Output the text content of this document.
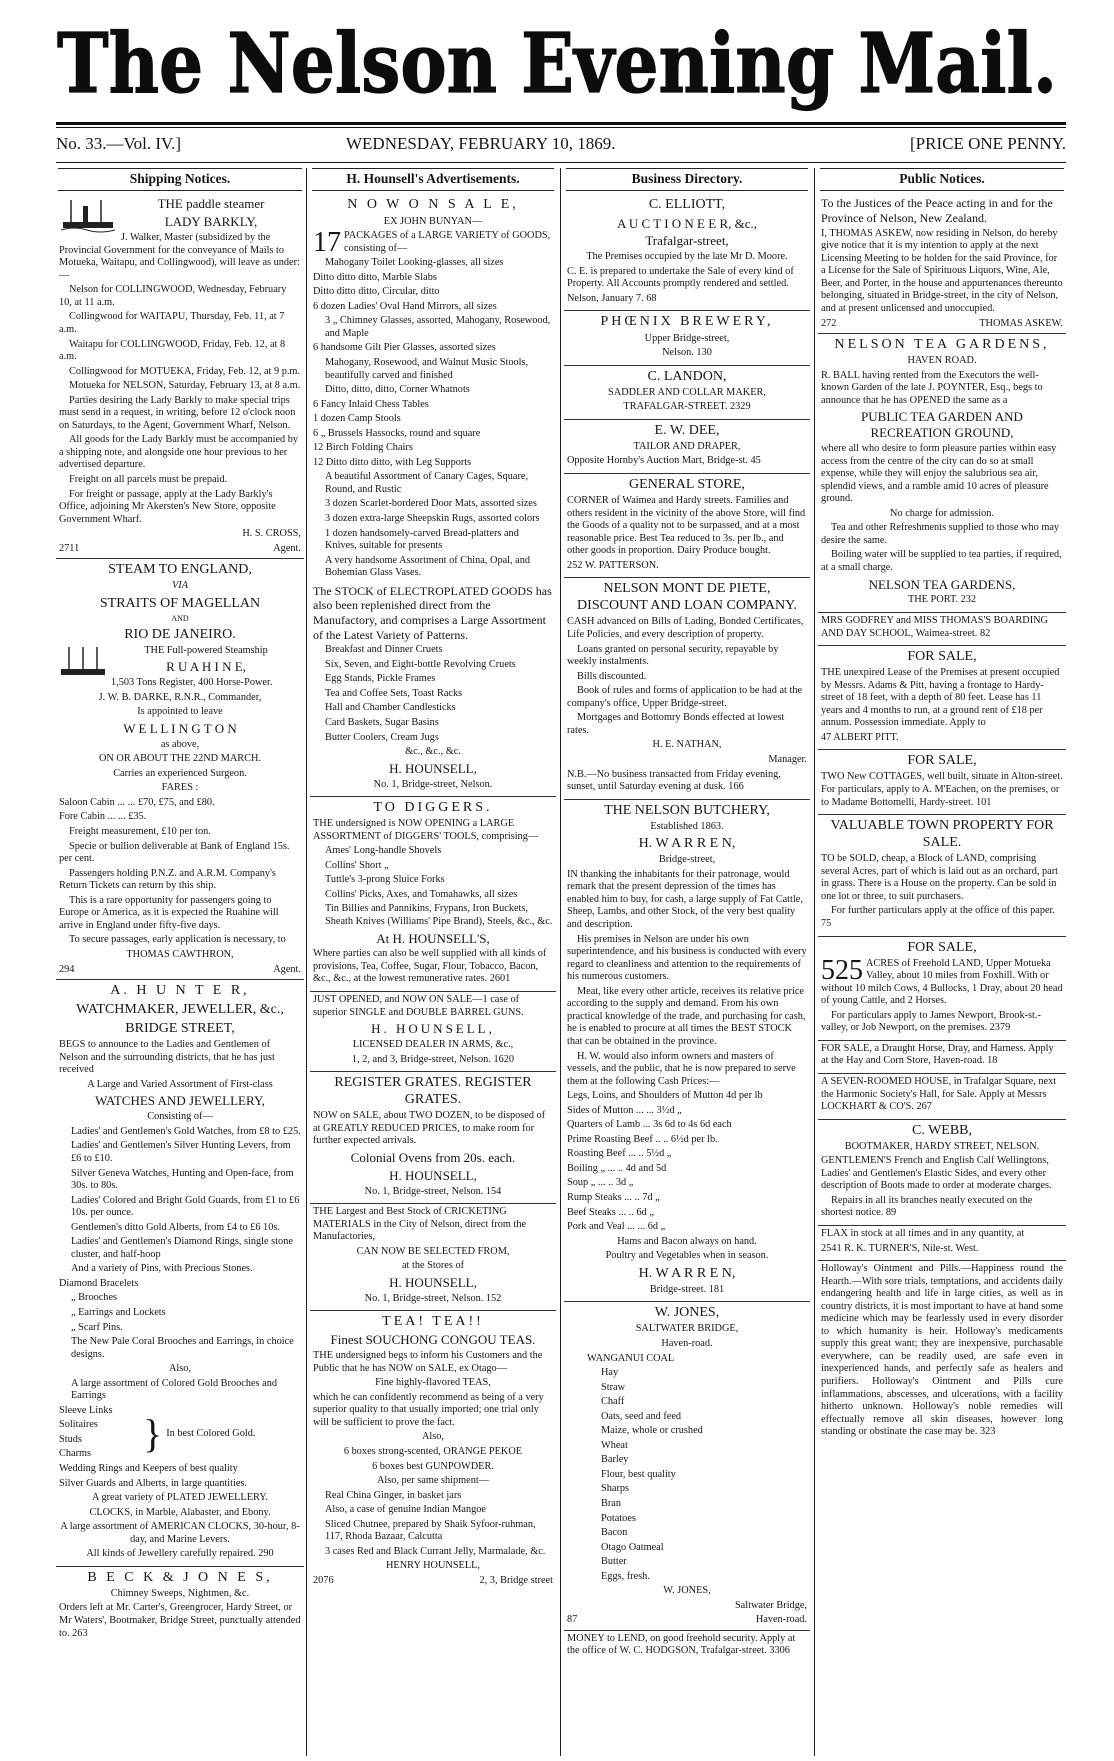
The Nelson Evening Mail.
No. 33.—Vol. IV.]	WEDNESDAY, FEBRUARY 10, 1869.	[PRICE ONE PENNY.
Shipping Notices.

THE paddle steamer

LADY BARKLY,

J. Walker, Master (subsidized by the Provincial Government for the conveyance of Mails to Motueka, Waitapu, and Collingwood), will leave as under:—

Nelson for COLLINGWOOD, Wednesday, February 10, at 11 a.m.

Collingwood for WAITAPU, Thursday, Feb. 11, at 7 a.m.

Waitapu for COLLINGWOOD, Friday, Feb. 12, at 8 a.m.

Collingwood for MOTUEKA, Friday, Feb. 12, at 9 p.m.

Motueka for NELSON, Saturday, February 13, at 8 a.m.

Parties desiring the Lady Barkly to make special trips must send in a request, in writing, before 12 o'clock noon on Saturdays, to the Agent, Government Wharf, Nelson.

All goods for the Lady Barkly must be accompanied by a shipping note, and alongside one hour previous to her advertised departure.

Freight on all parcels must be prepaid.

For freight or passage, apply at the Lady Barkly's Office, adjoining Mr Akersten's New Store, opposite Government Wharf.

H. S. CROSS,

2711	Agent.

STEAM TO ENGLAND,

VIA

STRAITS OF MAGELLAN

AND

RIO DE JANEIRO.

THE Full-powered Steamship

R U A H I N E,

1,503 Tons Register, 400 Horse-Power.

J. W. B. DARKE, R.N.R., Commander,

Is appointed to leave

W E L L I N G T O N

as above,

ON OR ABOUT THE 22ND MARCH.

Carries an experienced Surgeon.

FARES :

Saloon Cabin ... ... £70, £75, and £80.

Fore Cabin ... ... £35.

Freight measurement, £10 per ton.

Specie or bullion deliverable at Bank of England 15s. per cent.

Passengers holding P.N.Z. and A.R.M. Company's Return Tickets can return by this ship.

This is a rare opportunity for passengers going to Europe or America, as it is expected the Ruahine will arrive in England under fifty-five days.

To secure passages, early application is necessary, to

THOMAS CAWTHRON,

294	Agent.

A. H U N T E R,

WATCHMAKER, JEWELLER, &c.,

BRIDGE STREET,

BEGS to announce to the Ladies and Gentlemen of Nelson and the surrounding districts, that he has just received

A Large and Varied Assortment of First-class

WATCHES AND JEWELLERY,

Consisting of—

Ladies' and Gentlemen's Gold Watches, from £8 to £25.

Ladies' and Gentlemen's Silver Hunting Levers, from £6 to £10.

Silver Geneva Watches, Hunting and Open-face, from 30s. to 80s.

Ladies' Colored and Bright Gold Guards, from £1 to £6 10s. per ounce.

Gentlemen's ditto Gold Alberts, from £4 to £6 10s.

Ladies' and Gentlemen's Diamond Rings, single stone cluster, and half-hoop

And a variety of Pins, with Precious Stones.

Diamond Bracelets

„ Brooches

„ Earrings and Lockets

„ Scarf Pins.

The New Pale Coral Brooches and Earrings, in choice designs.

Also,

A large assortment of Colored Gold Brooches and Earrings

Sleeve Links

Solitaires

Studs

Charms	} In best Colored Gold.

Wedding Rings and Keepers of best quality

Silver Guards and Alberts, in large quantities.

A great variety of PLATED JEWELLERY.

CLOCKS, in Marble, Alabaster, and Ebony.

A large assortment of AMERICAN CLOCKS, 30-hour, 8-day, and Marine Levers.

All kinds of Jewellery carefully repaired. 290

B E C K & J O N E S,

Chimney Sweeps, Nightmen, &c.

Orders left at Mr. Carter's, Greengrocer, Hardy Street, or Mr Waters', Bootmaker, Bridge Street, punctually attended to. 263

H. Hounsell's Advertisements.

N O W O N S A L E,

EX JOHN BUNYAN—

17 PACKAGES of a LARGE VARIETY of GOODS, consisting of—

Mahogany Toilet Looking-glasses, all sizes

Ditto ditto ditto, Marble Slabs

Ditto ditto ditto, Circular, ditto

6 dozen Ladies' Oval Hand Mirrors, all sizes

3 „ Chimney Glasses, assorted, Mahogany, Rosewood, and Maple

6 handsome Gilt Pier Glasses, assorted sizes

Mahogany, Rosewood, and Walnut Music Stools, beautifully carved and finished

Ditto, ditto, ditto, Corner Whatnots

6 Fancy Inlaid Chess Tables

1 dozen Camp Stools

6 „ Brussels Hassocks, round and square

12 Birch Folding Chairs

12 Ditto ditto ditto, with Leg Supports

A beautiful Assortment of Canary Cages, Square, Round, and Rustic

3 dozen Scarlet-bordered Door Mats, assorted sizes

3 dozen extra-large Sheepskin Rugs, assorted colors

1 dozen handsomely-carved Bread-platters and Knives, suitable for presents

A very handsome Assortment of China, Opal, and Bohemian Glass Vases.

The STOCK of ELECTROPLATED GOODS has also been replenished direct from the Manufactory, and comprises a Large Assortment of the Latest Variety of Patterns.

Breakfast and Dinner Cruets

Six, Seven, and Eight-bottle Revolving Cruets

Egg Stands, Pickle Frames

Tea and Coffee Sets, Toast Racks

Hall and Chamber Candlesticks

Card Baskets, Sugar Basins

Butter Coolers, Cream Jugs

&c., &c., &c.

H. HOUNSELL,

No. 1, Bridge-street, Nelson.

TO DIGGERS.

THE undersigned is NOW OPENING a LARGE ASSORTMENT of DIGGERS' TOOLS, comprising—

Ames' Long-handle Shovels

Collins' Short „

Tuttle's 3-prong Sluice Forks

Collins' Picks, Axes, and Tomahawks, all sizes

Tin Billies and Pannikins, Frypans, Iron Buckets, Sheath Knives (Williams' Pipe Brand), Steels, &c., &c.

At H. HOUNSELL'S,

Where parties can also be well supplied with all kinds of provisions, Tea, Coffee, Sugar, Flour, Tobacco, Bacon, &c., &c., at the lowest remunerative rates. 2601

JUST OPENED, and NOW ON SALE—1 case of superior SINGLE and DOUBLE BARREL GUNS.

H. HOUNSELL,

LICENSED DEALER IN ARMS, &c.,

1, 2, and 3, Bridge-street, Nelson. 1620

REGISTER GRATES. REGISTER GRATES.

NOW on SALE, about TWO DOZEN, to be disposed of at GREATLY REDUCED PRICES, to make room for further expected arrivals.

Colonial Ovens from 20s. each.

H. HOUNSELL,

No. 1, Bridge-street, Nelson. 154

THE Largest and Best Stock of CRICKETING MATERIALS in the City of Nelson, direct from the Manufactories,

CAN NOW BE SELECTED FROM,

at the Stores of

H. HOUNSELL,

No. 1, Bridge-street, Nelson. 152

TEA! TEA!!

Finest SOUCHONG CONGOU TEAS.

THE undersigned begs to inform his Customers and the Public that he has NOW on SALE, ex Otago—

Fine highly-flavored TEAS,

which he can confidently recommend as being of a very superior quality to that usually imported; one trial only will be sufficient to prove the fact.

Also,

6 boxes strong-scented, ORANGE PEKOE

6 boxes best GUNPOWDER.

Also, per same shipment—

Real China Ginger, in basket jars

Also, a case of genuine Indian Mangoe

Sliced Chutnee, prepared by Shaik Syfoor-ruhman, 117, Rhoda Bazaar, Calcutta

3 cases Red and Black Currant Jelly, Marmalade, &c.

HENRY HOUNSELL,

2076	2, 3, Bridge street
Business Directory.

C. ELLIOTT,

A U C T I O N E E R, &c.,

Trafalgar-street,

The Premises occupied by the late Mr D. Moore.

C. E. is prepared to undertake the Sale of every kind of Property. All Accounts promptly rendered and settled.

Nelson, January 7. 68

PHŒNIX BREWERY,

Upper Bridge-street,

Nelson. 130

C. LANDON,

SADDLER AND COLLAR MAKER,

TRAFALGAR-STREET. 2329

E. W. DEE,

TAILOR AND DRAPER,

Opposite Hornby's Auction Mart, Bridge-st. 45

GENERAL STORE,

CORNER of Waimea and Hardy streets. Families and others resident in the vicinity of the above Store, will find the Goods of a quality not to be surpassed, and at a most reasonable price. Best Tea reduced to 3s. per lb., and other goods in proportion. Dairy Produce bought.

252 W. PATTERSON.

NELSON MONT DE PIETE, DISCOUNT AND LOAN COMPANY.

CASH advanced on Bills of Lading, Bonded Certificates, Life Policies, and every description of property.

Loans granted on personal security, repayable by weekly instalments.

Bills discounted.

Book of rules and forms of application to be had at the company's office, Upper Bridge-street.

Mortgages and Bottomry Bonds effected at lowest rates.

H. E. NATHAN,

Manager.

N.B.—No business transacted from Friday evening, sunset, until Saturday evening at dusk. 166

THE NELSON BUTCHERY,

Established 1863.

H. W A R R E N,

Bridge-street,

IN thanking the inhabitants for their patronage, would remark that the present depression of the times has enabled him to buy, for cash, a large supply of Fat Cattle, Sheep, Lambs, and other Stock, of the very best quality and description.

His premises in Nelson are under his own superintendence, and his business is conducted with every regard to cleanliness and attention to the requirements of his numerous customers.

Meat, like every other article, receives its relative price according to the supply and demand. From his own practical knowledge of the trade, and purchasing for cash, he is enabled to procure at all times the BEST STOCK that can be obtained in the province.

H. W. would also inform owners and masters of vessels, and the public, that he is now prepared to serve them at the following Cash Prices:—

Legs, Loins, and Shoulders of Mutton 4d per lb

Sides of Mutton ... ... 3½d „

Quarters of Lamb ... 3s 6d to 4s 6d each

Prime Roasting Beef .. .. 6½d per lb.

Roasting Beef ... .. 5½d „

Boiling „ ... .. 4d and 5d

Soup „ ... .. 3d „

Rump Steaks ... .. 7d „

Beef Steaks ... .. 6d „

Pork and Veal ... ... 6d „

Hams and Bacon always on hand.

Poultry and Vegetables when in season.

H. W A R R E N,

Bridge-street. 181

W. JONES,

SALTWATER BRIDGE,

Haven-road.

WANGANUI COAL

Hay

Straw

Chaff

Oats, seed and feed

Maize, whole or crushed

Wheat

Barley

Flour, best quality

Sharps

Bran

Potatoes

Bacon

Otago Oatmeal

Butter

Eggs, fresh.

W. JONES,

Saltwater Bridge,

87	Haven-road.

MONEY to LEND, on good freehold security. Apply at the office of W. C. HODGSON, Trafalgar-street. 3306

Public Notices.

To the Justices of the Peace acting in and for the Province of Nelson, New Zealand.

I, THOMAS ASKEW, now residing in Nelson, do hereby give notice that it is my intention to apply at the next Licensing Meeting to be holden for the said Province, for a License for the Sale of Spirituous Liquors, Wine, Ale, Beer, and Porter, in the house and appurtenances thereunto belonging, situated in Bridge-street, in the city of Nelson, and at present unlicensed and unoccupied.

272	THOMAS ASKEW.

NELSON TEA GARDENS,

HAVEN ROAD.

R. BALL having rented from the Executors the well-known Garden of the late J. POYNTER, Esq., begs to announce that he has OPENED the same as a

PUBLIC TEA GARDEN AND RECREATION GROUND,

where all who desire to form pleasure parties within easy access from the centre of the city can do so at small expense, while they will enjoy the salubrious sea air, splendid views, and a ramble amid 10 acres of pleasure ground.

No charge for admission.

Tea and other Refreshments supplied to those who may desire the same.

Boiling water will be supplied to tea parties, if required, at a small charge.

NELSON TEA GARDENS,

THE PORT. 232

MRS GODFREY and MISS THOMAS'S BOARDING AND DAY SCHOOL, Waimea-street. 82

FOR SALE,

THE unexpired Lease of the Premises at present occupied by Messrs. Adams & Pitt, having a frontage to Hardy-street of 18 feet, with a depth of 80 feet. Lease has 11 years and 4 months to run, at a ground rent of £18 per annum. Possession immediate. Apply to

47 ALBERT PITT.

FOR SALE,

TWO New COTTAGES, well built, situate in Alton-street. For particulars, apply to A. M'Eachen, on the premises, or to Madame Bottomelli, Hardy-street. 101

VALUABLE TOWN PROPERTY FOR SALE.

TO be SOLD, cheap, a Block of LAND, comprising several Acres, part of which is laid out as an orchard, part in grass. There is a House on the property. Can be sold in one lot or three, to suit purchasers.

For further particulars apply at the office of this paper. 75

FOR SALE,

525 ACRES of Freehold LAND, Upper Motueka Valley, about 10 miles from Foxhill. With or without 10 milch Cows, 4 Bullocks, 1 Dray, about 20 head of young Cattle, and 2 Horses.

For particulars apply to James Newport, Brook-st.-valley, or Job Newport, on the premises. 2379

FOR SALE, a Draught Horse, Dray, and Harness. Apply at the Hay and Corn Store, Haven-road. 18

A SEVEN-ROOMED HOUSE, in Trafalgar Square, next the Harmonic Society's Hall, for Sale. Apply at Messrs LOCKHART & CO'S. 267

C. WEBB,

BOOTMAKER, HARDY STREET, NELSON.

GENTLEMEN'S French and English Calf Wellingtons, Ladies' and Gentlemen's Elastic Sides, and every other description of Boots made to order at moderate charges.

Repairs in all its branches neatly executed on the shortest notice. 89

FLAX in stock at all times and in any quantity, at

2541 R. K. TURNER'S, Nile-st. West.

Holloway's Ointment and Pills.—Happiness round the Hearth.—With sore trials, temptations, and accidents daily endangering health and life in large cities, as well as in country districts, it is most important to have at hand some medicine which may be fearlessly used in every disorder to which humanity is heir. Holloway's medicaments supply this great want; they are inexpensive, purchasable everywhere, can be readily used, are safe even in inexperienced hands, and perfectly safe as healers and purifiers. Holloway's Ointment and Pills cure inflammations, abscesses, and ulcerations, with a facility hitherto unknown. Holloway's noble remedies will effectually remove all skin diseases, however long standing or obstinate the case may be. 323
